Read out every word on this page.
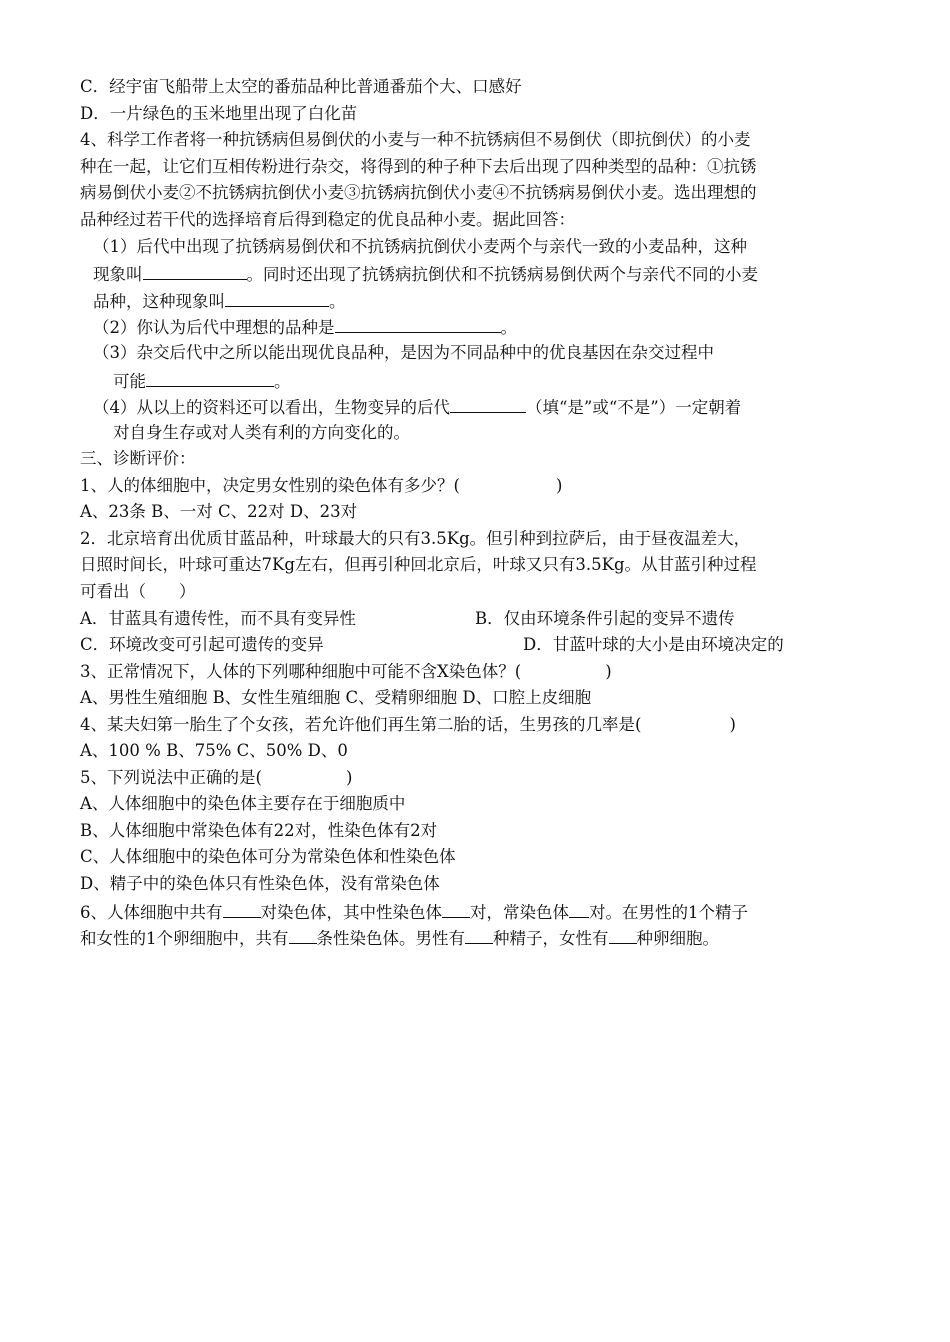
C．经宇宙飞船带上太空的番茄品种比普通番茄个大、口感好
D．一片绿色的玉米地里出现了白化苗
4、科学工作者将一种抗锈病但易倒伏的小麦与一种不抗锈病但不易倒伏（即抗倒伏）的小麦
种在一起，让它们互相传粉进行杂交，将得到的种子种下去后出现了四种类型的品种：①抗锈
病易倒伏小麦②不抗锈病抗倒伏小麦③抗锈病抗倒伏小麦④不抗锈病易倒伏小麦。选出理想的
品种经过若干代的选择培育后得到稳定的优良品种小麦。据此回答：
（1）后代中出现了抗锈病易倒伏和不抗锈病抗倒伏小麦两个与亲代一致的小麦品种，这种
现象叫	。同时还出现了抗锈病抗倒伏和不抗锈病易倒伏两个与亲代不同的小麦
品种，这种现象叫	。
（2）你认为后代中理想的品种是	。
（3）杂交后代中之所以能出现优良品种，是因为不同品种中的优良基因在杂交过程中
可能	。
（4）从以上的资料还可以看出，生物变异的后代	（填“是”或“不是”）一定朝着
对自身生存或对人类有利的方向变化的。
三、诊断评价：
1、人的体细胞中，决定男女性别的染色体有多少？(	)
A、23条 B、一对 C、22对 D、23对
2．北京培育出优质甘蓝品种，叶球最大的只有3.5Kg。但引种到拉萨后，由于昼夜温差大，
日照时间长，叶球可重达7Kg左右，但再引种回北京后，叶球又只有3.5Kg。从甘蓝引种过程
可看出（　　）
A．甘蓝具有遗传性，而不具有变异性	B．仅由环境条件引起的变异不遗传
C．环境改变可引起可遗传的变异	D．甘蓝叶球的大小是由环境决定的
3、正常情况下，人体的下列哪种细胞中可能不含X染色体？(	)
A、男性生殖细胞 B、女性生殖细胞 C、受精卵细胞 D、口腔上皮细胞
4、某夫妇第一胎生了个女孩，若允许他们再生第二胎的话，生男孩的几率是(	)
A、100 % B、75% C、50% D、0
5、下列说法中正确的是(	)
A、人体细胞中的染色体主要存在于细胞质中
B、人体细胞中常染色体有22对，性染色体有2对
C、人体细胞中的染色体可分为常染色体和性染色体
D、精子中的染色体只有性染色体，没有常染色体
6、人体细胞中共有 对染色体，其中性染色体 对，常染色体 对。在男性的1个精子
和女性的1个卵细胞中，共有 条性染色体。男性有 种精子，女性有 种卵细胞。
